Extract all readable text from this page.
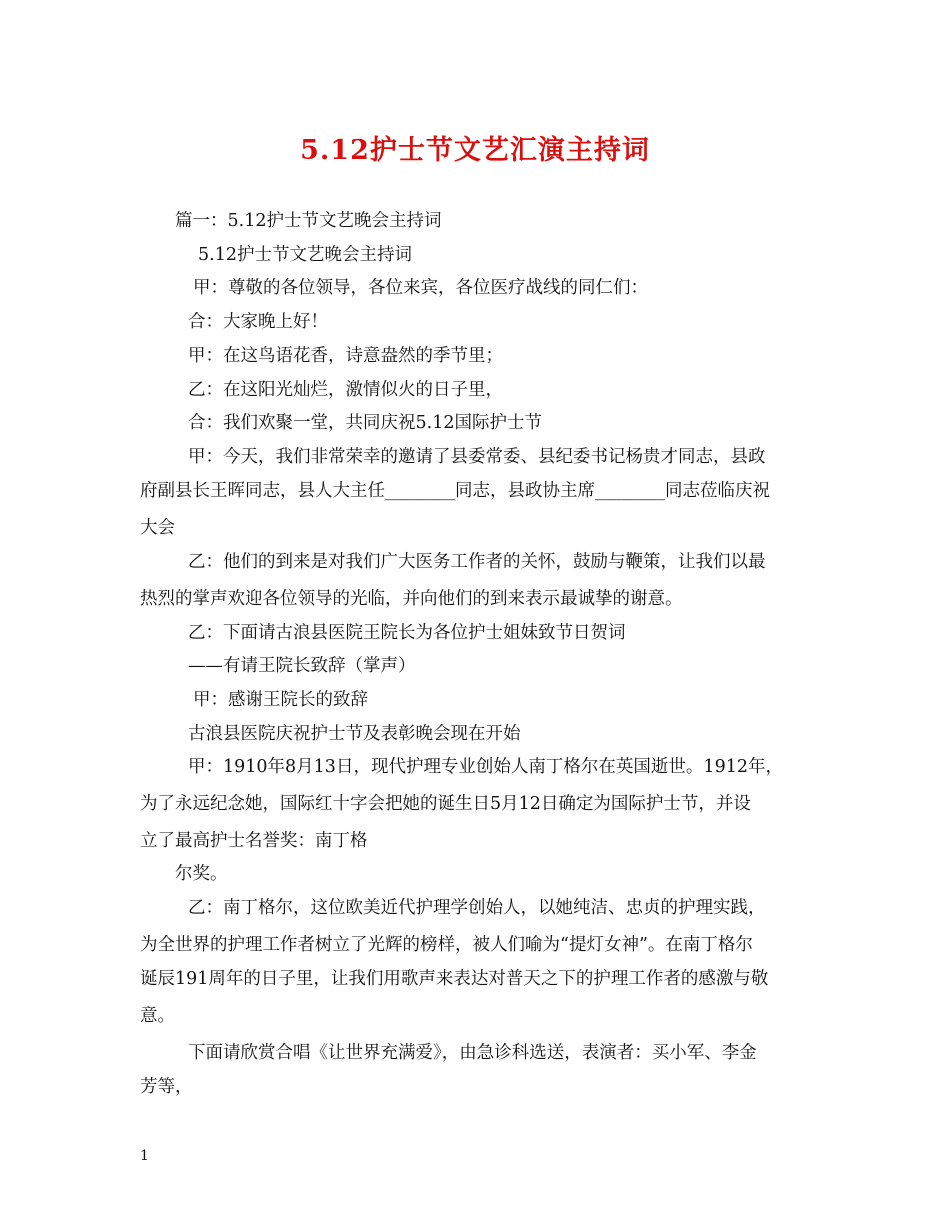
5.12护士节文艺汇演主持词
篇一：5.12护士节文艺晚会主持词
5.12护士节文艺晚会主持词
甲：尊敬的各位领导，各位来宾，各位医疗战线的同仁们：
合：大家晚上好！
甲：在这鸟语花香，诗意盎然的季节里；
乙：在这阳光灿烂，激情似火的日子里，
合：我们欢聚一堂，共同庆祝5.12国际护士节
甲：今天，我们非常荣幸的邀请了县委常委、县纪委书记杨贵才同志，县政
府副县长王晖同志，县人大主任________同志，县政协主席________同志莅临庆祝
大会
乙：他们的到来是对我们广大医务工作者的关怀，鼓励与鞭策，让我们以最
热烈的掌声欢迎各位领导的光临，并向他们的到来表示最诚挚的谢意。
乙：下面请古浪县医院王院长为各位护士姐妹致节日贺词
——有请王院长致辞（掌声）
甲：感谢王院长的致辞
古浪县医院庆祝护士节及表彰晚会现在开始
甲：1910年8月13日，现代护理专业创始人南丁格尔在英国逝世。1912年，
为了永远纪念她，国际红十字会把她的诞生日5月12日确定为国际护士节，并设
立了最高护士名誉奖：南丁格
尔奖。
乙：南丁格尔，这位欧美近代护理学创始人，以她纯洁、忠贞的护理实践，
为全世界的护理工作者树立了光辉的榜样，被人们喻为“提灯女神”。在南丁格尔
诞辰191周年的日子里，让我们用歌声来表达对普天之下的护理工作者的感激与敬
意。
下面请欣赏合唱《让世界充满爱》，由急诊科选送，表演者：买小军、李金
芳等，
1
